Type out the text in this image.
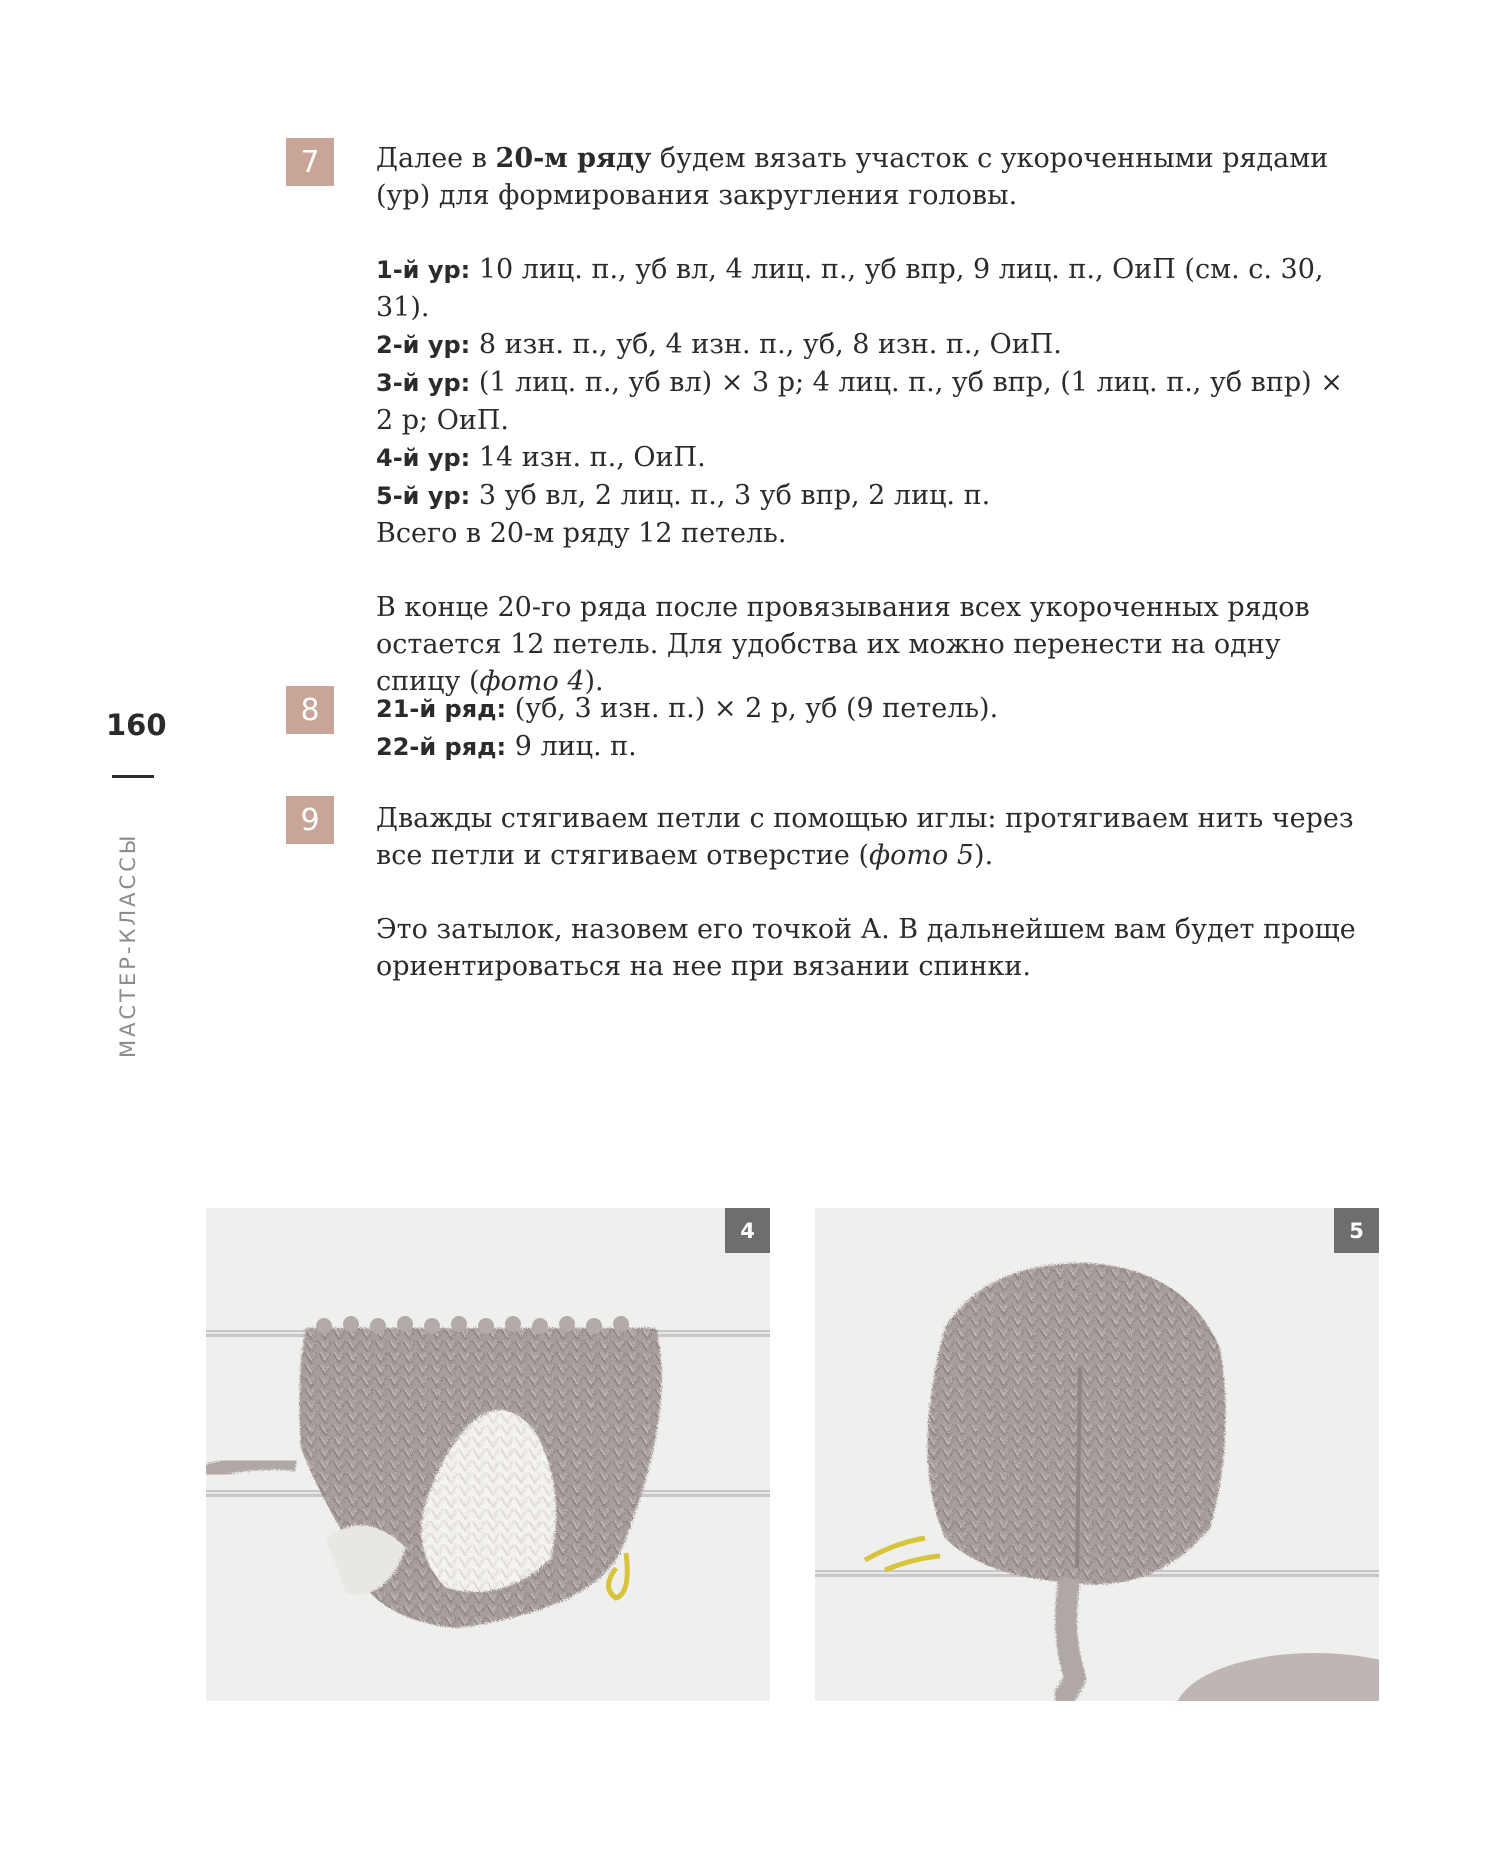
160
МАСТЕР-КЛАССЫ
7	Далее в 20-м ряду будем вязать участок с укороченными рядами (ур) для формирования закругления головы.

1-й ур: 10 лиц. п., уб вл, 4 лиц. п., уб впр, 9 лиц. п., ОиП (см. с. 30, 31).

2-й ур: 8 изн. п., уб, 4 изн. п., уб, 8 изн. п., ОиП.

3-й ур: (1 лиц. п., уб вл) × 3 р; 4 лиц. п., уб впр, (1 лиц. п., уб впр) × 2 р; ОиП.

4-й ур: 14 изн. п., ОиП.

5-й ур: 3 уб вл, 2 лиц. п., 3 уб впр, 2 лиц. п.

Всего в 20-м ряду 12 петель.

В конце 20-го ряда после провязывания всех укороченных рядов остается 12 петель. Для удобства их можно перенести на одну спицу (фото 4).

8	21-й ряд: (уб, 3 изн. п.) × 2 р, уб (9 петель).

22-й ряд: 9 лиц. п.

9	Дважды стягиваем петли с помощью иглы: протягиваем нить через все петли и стягиваем отверстие (фото 5).

Это затылок, назовем его точкой А. В дальнейшем вам будет проще ориентироваться на нее при вязании спинки.

4	5
